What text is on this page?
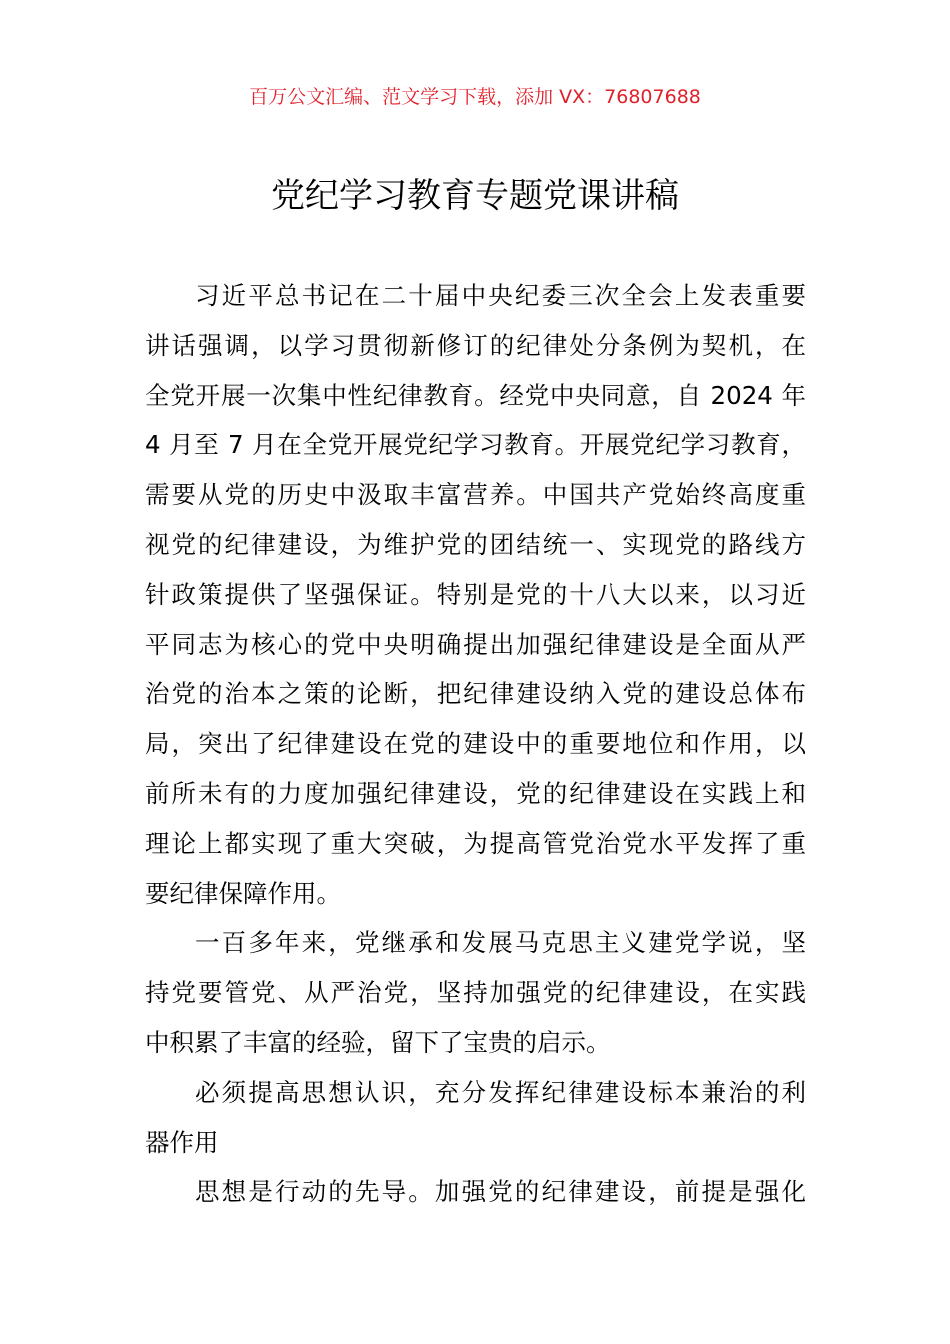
百万公文汇编、范文学习下载，添加 VX：76807688
党纪学习教育专题党课讲稿
习近平总书记在二十届中央纪委三次全会上发表重要
讲话强调，以学习贯彻新修订的纪律处分条例为契机，在
全党开展一次集中性纪律教育。经党中央同意，自 2024 年
4 月至 7 月在全党开展党纪学习教育。开展党纪学习教育，
需要从党的历史中汲取丰富营养。中国共产党始终高度重
视党的纪律建设，为维护党的团结统一、实现党的路线方
针政策提供了坚强保证。特别是党的十八大以来，以习近
平同志为核心的党中央明确提出加强纪律建设是全面从严
治党的治本之策的论断，把纪律建设纳入党的建设总体布
局，突出了纪律建设在党的建设中的重要地位和作用，以
前所未有的力度加强纪律建设，党的纪律建设在实践上和
理论上都实现了重大突破，为提高管党治党水平发挥了重
要纪律保障作用。
一百多年来，党继承和发展马克思主义建党学说，坚
持党要管党、从严治党，坚持加强党的纪律建设，在实践
中积累了丰富的经验，留下了宝贵的启示。
必须提高思想认识，充分发挥纪律建设标本兼治的利
器作用
思想是行动的先导。加强党的纪律建设，前提是强化
